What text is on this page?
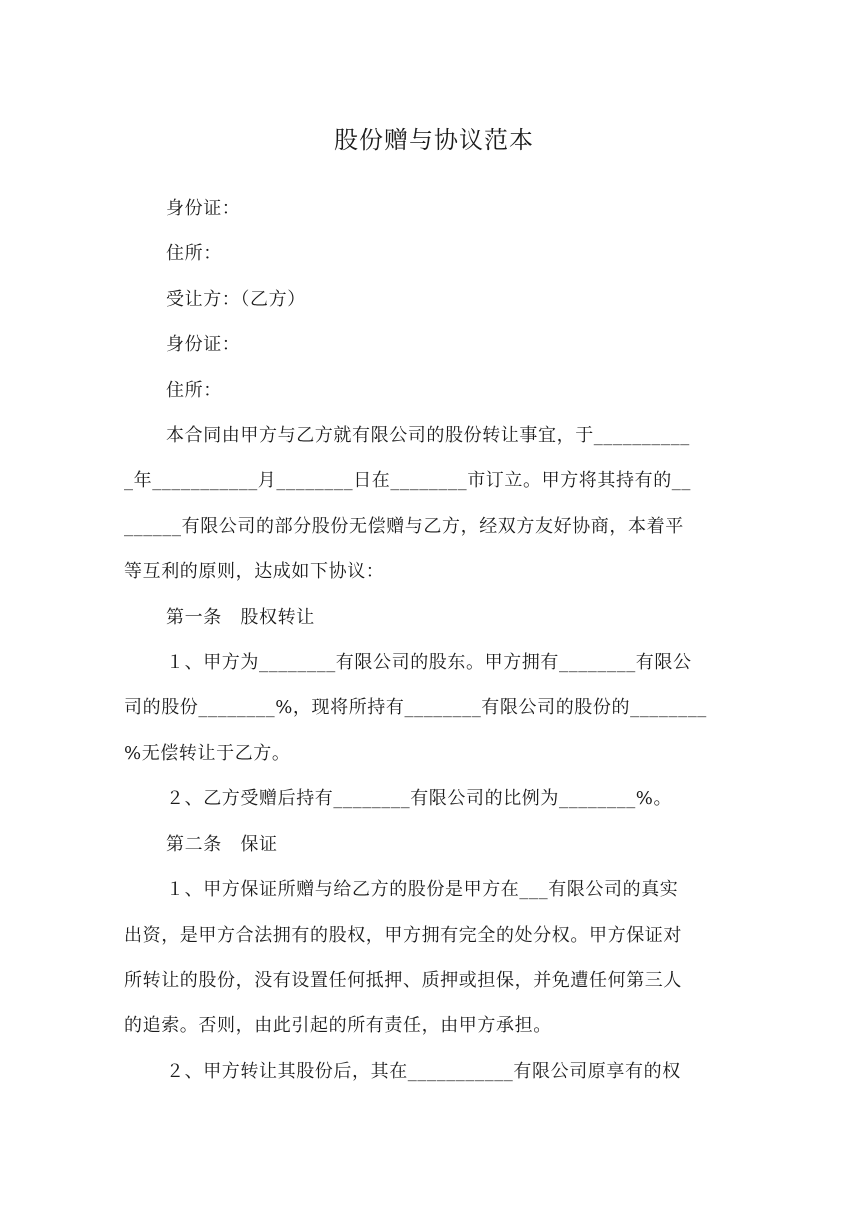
股份赠与协议范本

身份证：

住所：

受让方：（乙方）

身份证：

住所：

本合同由甲方与乙方就有限公司的股份转让事宜，于__________

_年___________月________日在________市订立。甲方将其持有的__

______有限公司的部分股份无偿赠与乙方，经双方友好协商，本着平

等互利的原则，达成如下协议：

第一条　股权转让

１、甲方为________有限公司的股东。甲方拥有________有限公

司的股份________%，现将所持有________有限公司的股份的________

%无偿转让于乙方。

２、乙方受赠后持有________有限公司的比例为________%。

第二条　保证

１、甲方保证所赠与给乙方的股份是甲方在___有限公司的真实

出资，是甲方合法拥有的股权，甲方拥有完全的处分权。甲方保证对

所转让的股份，没有设置任何抵押、质押或担保，并免遭任何第三人

的追索。否则，由此引起的所有责任，由甲方承担。

２、甲方转让其股份后，其在___________有限公司原享有的权
